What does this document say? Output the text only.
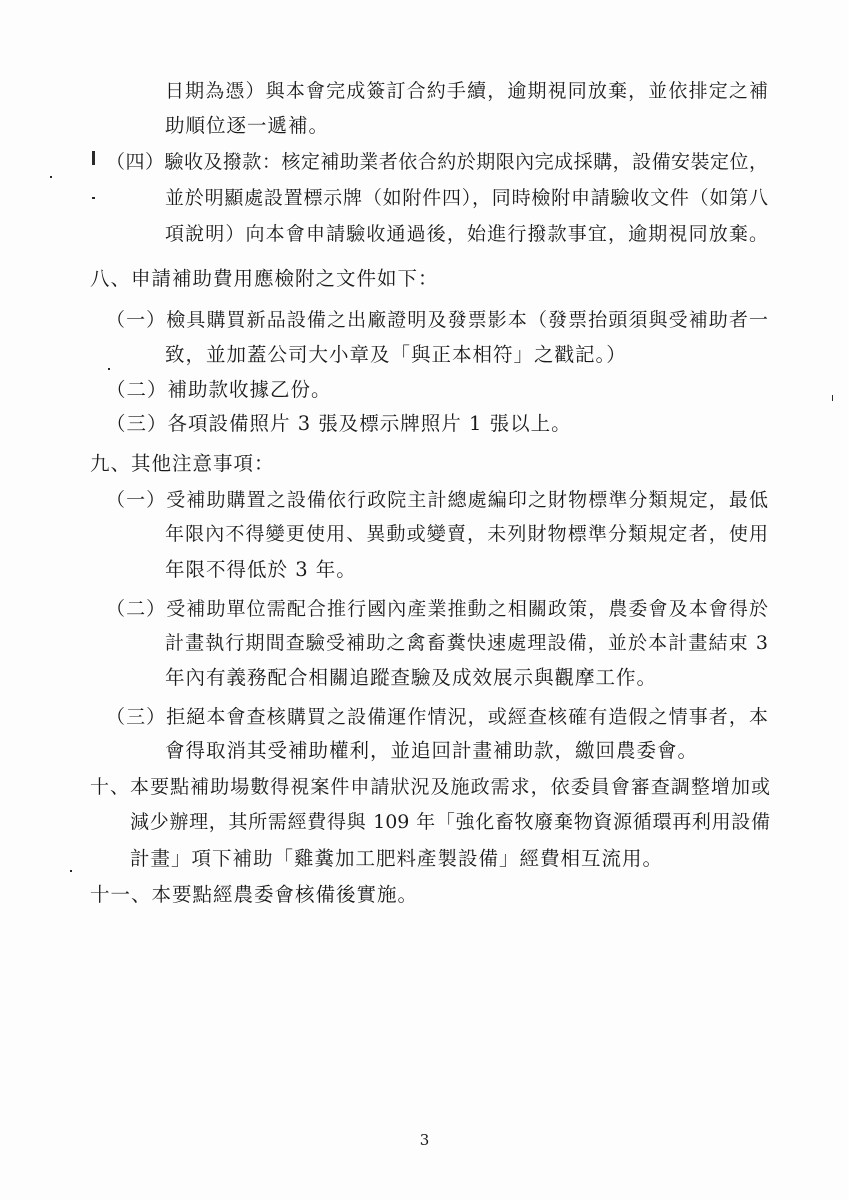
日期為憑）與本會完成簽訂合約手續，逾期視同放棄，並依排定之補
助順位逐一遞補。
（四）驗收及撥款：核定補助業者依合約於期限內完成採購，設備安裝定位，
並於明顯處設置標示牌（如附件四），同時檢附申請驗收文件（如第八
項說明）向本會申請驗收通過後，始進行撥款事宜，逾期視同放棄。
八、申請補助費用應檢附之文件如下：
（一）檢具購買新品設備之出廠證明及發票影本（發票抬頭須與受補助者一
致，並加蓋公司大小章及「與正本相符」之戳記。）
（二）補助款收據乙份。
（三）各項設備照片 3 張及標示牌照片 1 張以上。
九、其他注意事項：
（一）受補助購置之設備依行政院主計總處編印之財物標準分類規定，最低
年限內不得變更使用、異動或變賣，未列財物標準分類規定者，使用
年限不得低於 3 年。
（二）受補助單位需配合推行國內產業推動之相關政策，農委會及本會得於
計畫執行期間查驗受補助之禽畜糞快速處理設備，並於本計畫結束 3
年內有義務配合相關追蹤查驗及成效展示與觀摩工作。
（三）拒絕本會查核購買之設備運作情況，或經查核確有造假之情事者，本
會得取消其受補助權利，並追回計畫補助款，繳回農委會。
十、本要點補助場數得視案件申請狀況及施政需求，依委員會審查調整增加或
減少辦理，其所需經費得與 109 年「強化畜牧廢棄物資源循環再利用設備
計畫」項下補助「雞糞加工肥料產製設備」經費相互流用。
十一、本要點經農委會核備後實施。
3
